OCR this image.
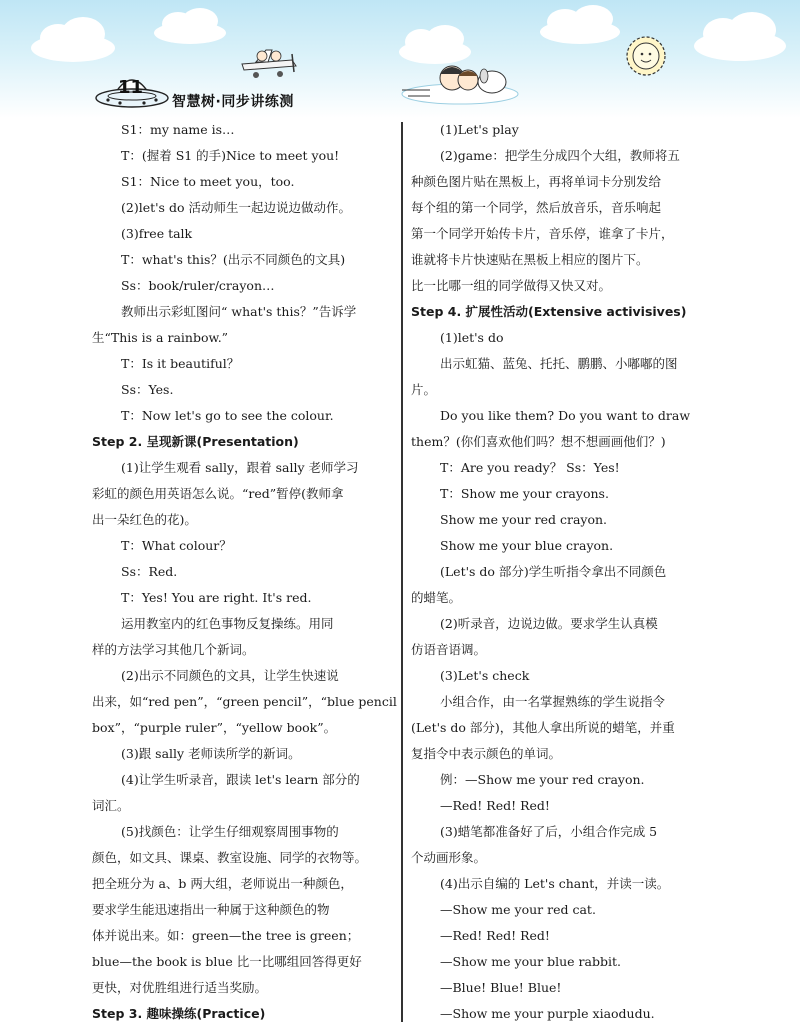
11
智慧树·同步讲练测
S1：my name is…
T：(握着 S1 的手)Nice to meet you!
S1：Nice to meet you，too.
(2)let's do 活动师生一起边说边做动作。
(3)free talk
T：what's this？(出示不同颜色的文具)
Ss：book/ruler/crayon…
教师出示彩虹图问“ what's this？”告诉学
生“This is a rainbow.”
T：Is it beautiful？
Ss：Yes.
T：Now let's go to see the colour.
Step 2. 呈现新课(Presentation)
(1)让学生观看 sally，跟着 sally 老师学习
彩虹的颜色用英语怎么说。“red”暂停(教师拿
出一朵红色的花)。
T：What colour？
Ss：Red.
T：Yes! You are right. It's red.
运用教室内的红色事物反复操练。用同
样的方法学习其他几个新词。
(2)出示不同颜色的文具，让学生快速说
出来，如“red pen”，“green pencil”，“blue pencil
box”，“purple ruler”，“yellow book”。
(3)跟 sally 老师读所学的新词。
(4)让学生听录音，跟读 let's learn 部分的
词汇。
(5)找颜色：让学生仔细观察周围事物的
颜色，如文具、课桌、教室设施、同学的衣物等。
把全班分为 a、b 两大组，老师说出一种颜色，
要求学生能迅速指出一种属于这种颜色的物
体并说出来。如：green—the tree is green；
blue—the book is blue 比一比哪组回答得更好
更快，对优胜组进行适当奖励。
Step 3. 趣味操练(Practice)
(1)Let's play
(2)game：把学生分成四个大组，教师将五
种颜色图片贴在黑板上，再将单词卡分别发给
每个组的第一个同学，然后放音乐，音乐响起
第一个同学开始传卡片，音乐停，谁拿了卡片，
谁就将卡片快速贴在黑板上相应的图片下。
比一比哪一组的同学做得又快又对。
Step 4. 扩展性活动(Extensive activisives)
(1)let's do
出示虹猫、蓝兔、托托、鹏鹏、小嘟嘟的图
片。
Do you like them? Do you want to draw
them？(你们喜欢他们吗？想不想画画他们？)
T：Are you ready？ Ss：Yes!
T：Show me your crayons.
Show me your red crayon.
Show me your blue crayon.
(Let's do 部分)学生听指令拿出不同颜色
的蜡笔。
(2)听录音，边说边做。要求学生认真模
仿语音语调。
(3)Let's check
小组合作，由一名掌握熟练的学生说指令
(Let's do 部分)，其他人拿出所说的蜡笔，并重
复指令中表示颜色的单词。
例：—Show me your red crayon.
—Red! Red! Red!
(3)蜡笔都准备好了后，小组合作完成 5
个动画形象。
(4)出示自编的 Let's chant，并读一读。
—Show me your red cat.
—Red! Red! Red!
—Show me your blue rabbit.
—Blue! Blue! Blue!
—Show me your purple xiaodudu.
